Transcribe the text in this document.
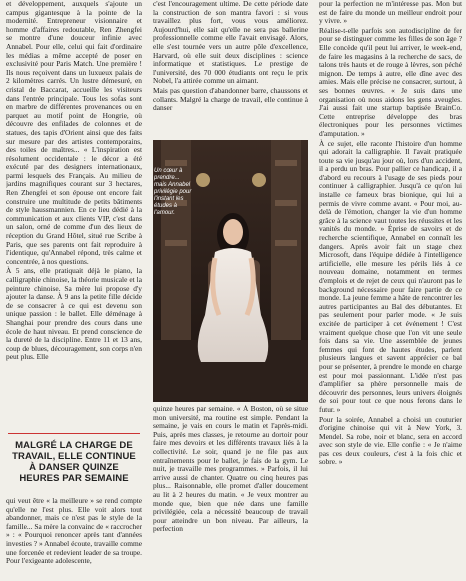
et développement, auxquels s'ajoute un campus gigantesque à la pointe de la modernité. Entrepreneur visionnaire et homme d'affaires redoutable, Ren Zhengfei se montre d'une douceur infinie avec Annabel. Pour elle, celui qui fait d'ordinaire les médias a même accepté de poser en exclusivité pour Paris Match. Une première ! Ils nous reçoivent dans un luxueux palais de 2 kilomètres carrés. Un lustre démesuré, en cristal de Baccarat, accueille les visiteurs dans l'entrée principale. Tous les sofas sont en marbre de différentes provenances ou en parquet au motif point de Hongrie, où découvre des enfilades de colonnes et de statues, des tapis d'Orient ainsi que des faits sur mesure par des artistes contemporains, des toiles de maîtres... « L'inspiration est résolument occidentale : le décor a été exécuté par des designers internationaux, parmi lesquels des Français. Au milieu de jardins magnifiques courant sur 3 hectares, Ren Zhengfei et son épouse ont encore fait construire une multitude de petits bâtiments de style haussmannien. En ce lieu dédié à la communication et aux clients VIP, c'est dans un salon, orné de comme d'un des lieux de réception du Grand Hôtel, situé rue Scribe à Paris, que ses parents ont fait reproduire à l'identique, qu'Annabel répond, très calme et concentrée, à nos questions.

À 5 ans, elle pratiquait déjà le piano, la calligraphie chinoise, la théorie musicale et la peinture chinoise. Sa mère lui propose d'y ajouter la danse. À 9 ans la petite fille décide de se consacrer à ce qui est devenu son unique passion : le ballet. Elle déménage à Shanghai pour prendre des cours dans une école de haut niveau. Et prend conscience de la dureté de la discipline. Entre 11 et 13 ans, coup de blues, découragement, son corps n'en peut plus. Elle

MALGRÉ LA CHARGE DE TRAVAIL, ELLE CONTINUE À DANSER QUINZE HEURES PAR SEMAINE

qui veut être « la meilleure » se rend compte qu'elle ne l'est plus. Elle voit alors tout abandonner, mais ce n'est pas le style de la famille... Sa mère la convainc de « raccrocher » : « Pourquoi renoncer après tant d'années investies ? » Annabel écoute, travaille comme une forcenée et redevient leader de sa troupe. Pour l'exigeante adolescente,

c'est l'encouragement ultime. De cette période date la construction de son mantra favori : si vous travaillez plus fort, vous vous améliorez. Aujourd'hui, elle sait qu'elle ne sera pas ballerine professionnelle comme elle l'avait envisagé. Alors, elle s'est tournée vers un autre pôle d'excellence, Harvard, où elle suit deux disciplines : science informatique et statistiques. Le prestige de l'université, des 70 000 étudiants ont reçu le prix Nobel, l'a attirée comme un aimant.

Mais pas question d'abandonner barre, chaussons et collants. Malgré la charge de travail, elle continue à danser

Un cœur à prendre... mais Annabel privilégie pour l'instant les études à l'amour.

quinze heures par semaine. « À Boston, où se situe mon université, ma routine est simple. Pendant la semaine, je vais en cours le matin et l'après-midi. Puis, après mes classes, je retourne au dortoir pour faire mes devoirs et les différents travaux liés à la collectivité. Le soir, quand je ne file pas aux entraînements pour le ballet, je fais de la gym. Le nuit, je travaille mes programmes. » Parfois, il lui arrive aussi de chanter. Quatre ou cinq heures pas plus... Raisonnable, elle promet d'aller doucement au lit à 2 heures du matin. « Je veux montrer au monde que, bien que née dans une famille privilégiée, cela a nécessité beaucoup de travail pour atteindre un bon niveau. Par ailleurs, la perfection

pour la perfection ne m'intéresse pas. Mon but est de faire du monde un meilleur endroit pour y vivre. »

Réalise-t-elle parfois son autodiscipline de fer pour se distinguer comme les filles de son âge ? Elle concède qu'il peut lui arriver, le week-end, de faire les magasins à la recherche de sacs, de talons très hauts et de rouge à lèvres, son péché mignon. De temps à autre, elle dîne avec des amies. Mais elle précise ne consacrer, surtout, à ses bonnes œuvres. « Je suis dans une organisation où nous aidons les gens aveugles. J'ai aussi fait une startup baptisée BrainCo. Cette entreprise développe des bras électroniques pour les personnes victimes d'amputation. »

À ce sujet, elle raconte l'histoire d'un homme qui adorait la calligraphie. Il l'avait pratiquée toute sa vie jusqu'au jour où, lors d'un accident, il a perdu un bras. Pour pallier ce handicap, il a d'abord eu recours à l'usage de ses pieds pour continuer à calligraphier. Jusqu'à ce qu'on lui installe ce fameux bras bionique, qui lui a permis de vivre comme avant. « Pour moi, au-delà de l'émotion, changer la vie d'un homme grâce à la science vaut toutes les réussites et les vanités du monde. » Éprise de savoirs et de recherche scientifique, Annabel en connaît les dangers. Après avoir fait un stage chez Microsoft, dans l'équipe dédiée à l'intelligence artificielle, elle mesure les périls liés à ce nouveau domaine, notamment en termes d'emplois et de rejet de ceux qui n'auront pas le background nécessaire pour faire partie de ce monde. La jeune femme a hâte de rencontrer les autres participantes au Bal des débutantes. Et pas seulement pour parler mode. « Je suis excitée de participer à cet événement ! C'est vraiment quelque chose que l'on vit une seule fois dans sa vie. Une assemblée de jeunes femmes qui font de hautes études, parlent plusieurs langues et savent apprécier ce bal pour se présenter, à prendre le monde en charge est pour moi passionnant. L'idée n'est pas d'amplifier sa phère personnelle mais de découvrir des personnes, leurs univers éloignés de soi pour tout ce que nous ferons dans le futur. »

Pour la soirée, Annabel a choisi un couturier d'origine chinoise qui vit à New York, 3. Mendel. Sa robe, noir et blanc, sera en accord avec son style de vie. Elle confie : « Je n'aime pas ces deux couleurs, c'est à la fois chic et sobre. »
